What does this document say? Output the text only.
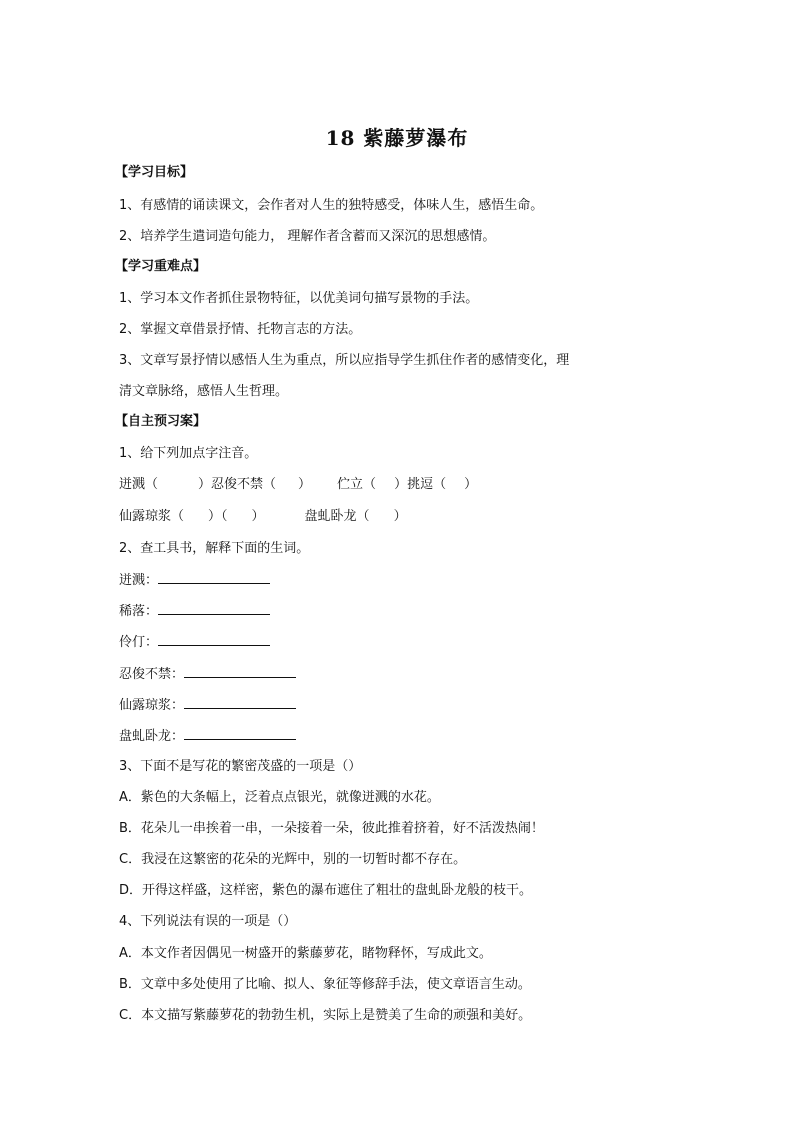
18 紫藤萝瀑布
【学习目标】
1、有感情的诵读课文，会作者对人生的独特感受，体味人生，感悟生命。
2、培养学生遣词造句能力， 理解作者含蓄而又深沉的思想感情。
【学习重难点】
1、学习本文作者抓住景物特征，以优美词句描写景物的手法。
2、掌握文章借景抒情、托物言志的方法。
3、文章写景抒情以感悟人生为重点，所以应指导学生抓住作者的感情变化，理
清文章脉络，感悟人生哲理。
【自主预习案】
1、给下列加点字注音。
迸溅（	）忍俊不禁（ ） 伫立（ ）挑逗（ ）
仙露琼浆（ ）（ ）	盘虬卧龙（ ）
2、查工具书，解释下面的生词。
迸溅：
稀落：
伶仃：
忍俊不禁：
仙露琼浆：
盘虬卧龙：
3、下面不是写花的繁密茂盛的一项是（）
A．紫色的大条幅上，泛着点点银光，就像迸溅的水花。
B．花朵儿一串挨着一串，一朵接着一朵，彼此推着挤着，好不活泼热闹！
C．我浸在这繁密的花朵的光辉中，别的一切暂时都不存在。
D．开得这样盛，这样密，紫色的瀑布遮住了粗壮的盘虬卧龙般的枝干。
4、下列说法有误的一项是（）
A．本文作者因偶见一树盛开的紫藤萝花，睹物释怀，写成此文。
B．文章中多处使用了比喻、拟人、象征等修辞手法，使文章语言生动。
C．本文描写紫藤萝花的勃勃生机，实际上是赞美了生命的顽强和美好。
